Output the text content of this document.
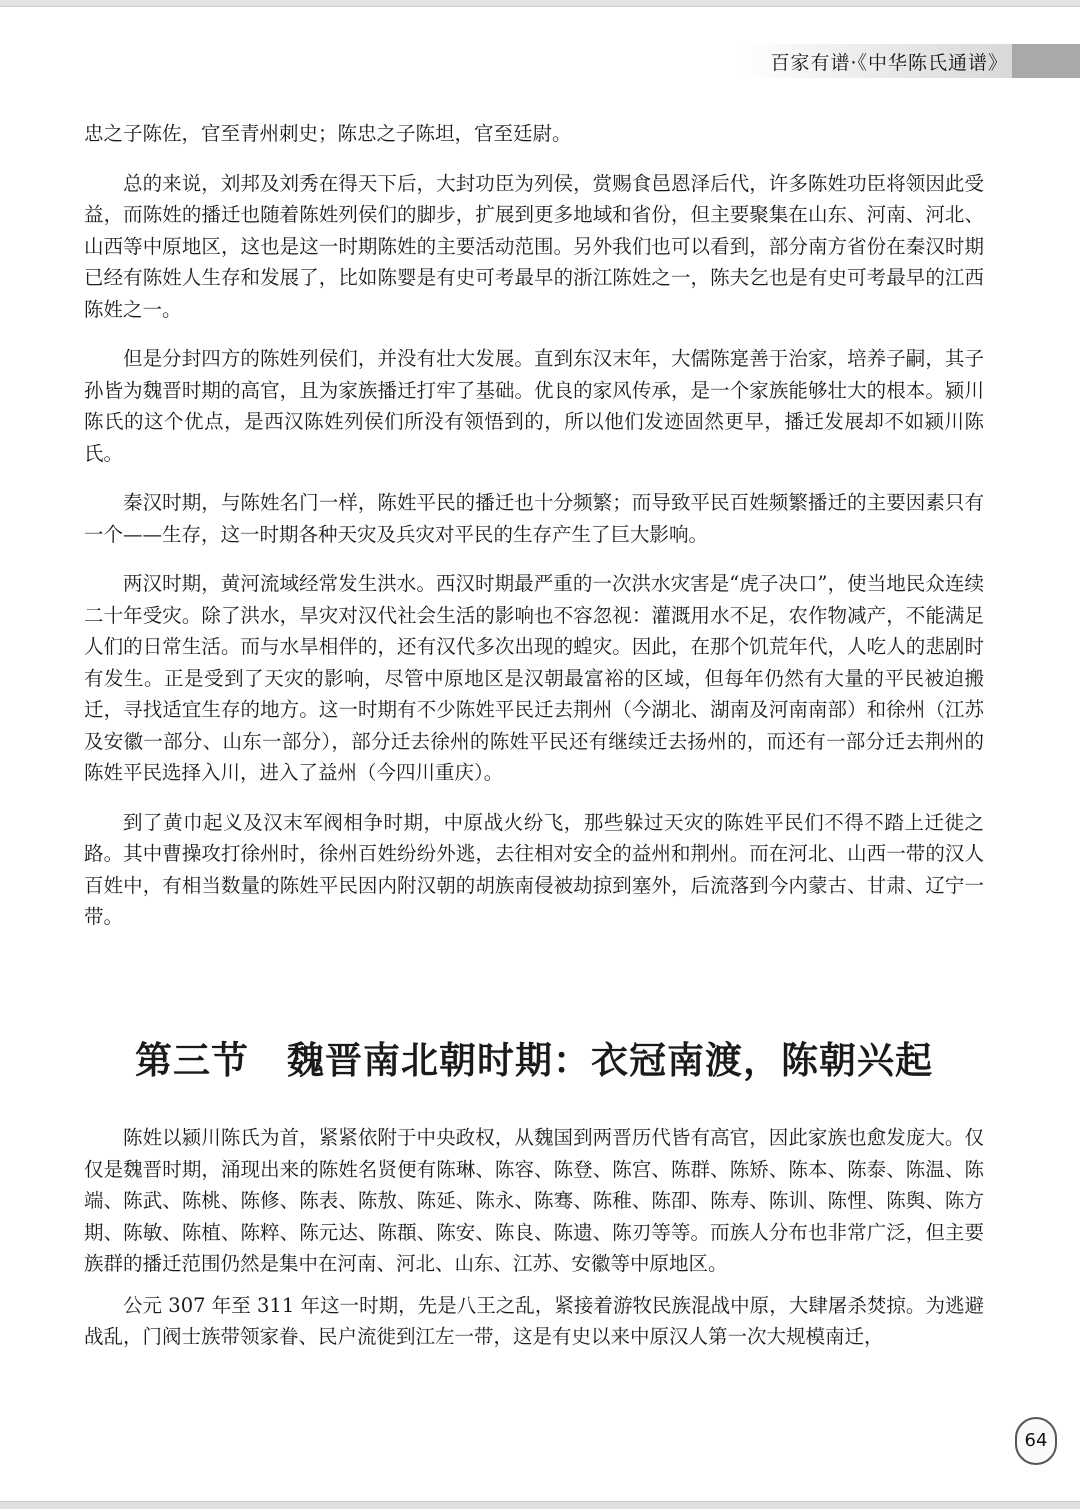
百家有谱·《中华陈氏通谱》

忠之子陈佐，官至青州刺史；陈忠之子陈坦，官至廷尉。

总的来说，刘邦及刘秀在得天下后，大封功臣为列侯，赏赐食邑恩泽后代，许多陈姓功臣将领因此受益，而陈姓的播迁也随着陈姓列侯们的脚步，扩展到更多地域和省份，但主要聚集在山东、河南、河北、山西等中原地区，这也是这一时期陈姓的主要活动范围。另外我们也可以看到，部分南方省份在秦汉时期已经有陈姓人生存和发展了，比如陈婴是有史可考最早的浙江陈姓之一，陈夫乞也是有史可考最早的江西陈姓之一。

但是分封四方的陈姓列侯们，并没有壮大发展。直到东汉末年，大儒陈寔善于治家，培养子嗣，其子孙皆为魏晋时期的高官，且为家族播迁打牢了基础。优良的家风传承，是一个家族能够壮大的根本。颍川陈氏的这个优点，是西汉陈姓列侯们所没有领悟到的，所以他们发迹固然更早，播迁发展却不如颍川陈氏。

秦汉时期，与陈姓名门一样，陈姓平民的播迁也十分频繁；而导致平民百姓频繁播迁的主要因素只有一个——生存，这一时期各种天灾及兵灾对平民的生存产生了巨大影响。

两汉时期，黄河流域经常发生洪水。西汉时期最严重的一次洪水灾害是“虎子决口”，使当地民众连续二十年受灾。除了洪水，旱灾对汉代社会生活的影响也不容忽视：灌溉用水不足，农作物减产，不能满足人们的日常生活。而与水旱相伴的，还有汉代多次出现的蝗灾。因此，在那个饥荒年代，人吃人的悲剧时有发生。正是受到了天灾的影响，尽管中原地区是汉朝最富裕的区域，但每年仍然有大量的平民被迫搬迁，寻找适宜生存的地方。这一时期有不少陈姓平民迁去荆州（今湖北、湖南及河南南部）和徐州（江苏及安徽一部分、山东一部分），部分迁去徐州的陈姓平民还有继续迁去扬州的，而还有一部分迁去荆州的陈姓平民选择入川，进入了益州（今四川重庆）。

到了黄巾起义及汉末军阀相争时期，中原战火纷飞，那些躲过天灾的陈姓平民们不得不踏上迁徙之路。其中曹操攻打徐州时，徐州百姓纷纷外逃，去往相对安全的益州和荆州。而在河北、山西一带的汉人百姓中，有相当数量的陈姓平民因内附汉朝的胡族南侵被劫掠到塞外，后流落到今内蒙古、甘肃、辽宁一带。

第三节　魏晋南北朝时期：衣冠南渡，陈朝兴起

陈姓以颍川陈氏为首，紧紧依附于中央政权，从魏国到两晋历代皆有高官，因此家族也愈发庞大。仅仅是魏晋时期，涌现出来的陈姓名贤便有陈琳、陈容、陈登、陈宫、陈群、陈矫、陈本、陈泰、陈温、陈端、陈武、陈桃、陈修、陈表、陈敖、陈延、陈永、陈骞、陈稚、陈卲、陈寿、陈训、陈悝、陈舆、陈方期、陈敏、陈植、陈粹、陈元达、陈頵、陈安、陈良、陈遗、陈刃等等。而族人分布也非常广泛，但主要族群的播迁范围仍然是集中在河南、河北、山东、江苏、安徽等中原地区。

公元 307 年至 311 年这一时期，先是八王之乱，紧接着游牧民族混战中原，大肆屠杀焚掠。为逃避战乱，门阀士族带领家眷、民户流徙到江左一带，这是有史以来中原汉人第一次大规模南迁，

64
